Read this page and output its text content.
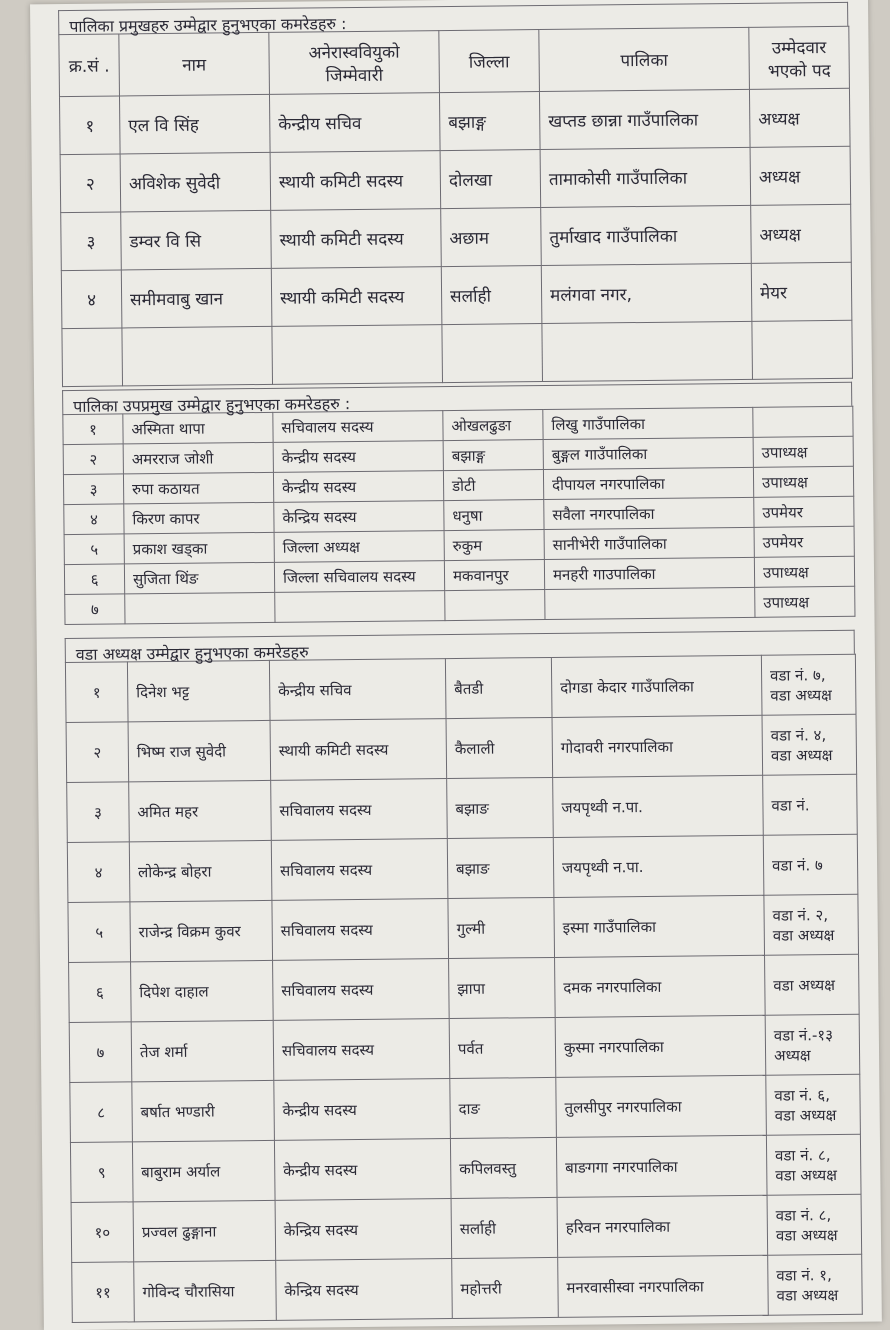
पालिका प्रमुखहरु उम्मेद्वार हुनुभएका कमरेडहरु :
क्र.सं .	नाम	अनेरास्ववियुको जिम्मेवारी	जिल्ला	पालिका	उम्मेदवार भएको पद
१	एल वि सिंह	केन्द्रीय सचिव	बझाङ्ग	खप्तड छान्ना गाउँपालिका	अध्यक्ष
२	अविशेक सुवेदी	स्थायी कमिटी सदस्य	दोलखा	तामाकोसी गाउँपालिका	अध्यक्ष
३	डम्वर वि सि	स्थायी कमिटी सदस्य	अछाम	तुर्माखाद गाउँपालिका	अध्यक्ष
४	समीमवाबु खान	स्थायी कमिटी सदस्य	सर्लाही	मलंगवा नगर,	मेयर

पालिका उपप्रमुख उम्मेद्वार हुनुभएका कमरेडहरु :
१	अस्मिता थापा	सचिवालय सदस्य	ओखलढुङा	लिखु गाउँपालिका	
२	अमरराज जोशी	केन्द्रीय सदस्य	बझाङ्ग	बुङ्गल गाउँपालिका	उपाध्यक्ष
३	रुपा कठायत	केन्द्रीय सदस्य	डोटी	दीपायल नगरपालिका	उपाध्यक्ष
४	किरण कापर	केन्द्रिय सदस्य	धनुषा	सवैला नगरपालिका	उपमेयर
५	प्रकाश खड्का	जिल्ला अध्यक्ष	रुकुम	सानीभेरी गाउँपालिका	उपमेयर
६	सुजिता थिंङ	जिल्ला सचिवालय सदस्य	मकवानपुर	मनहरी गाउपालिका	उपाध्यक्ष
७					उपाध्यक्ष
वडा अध्यक्ष उम्मेद्वार हुनुभएका कमरेडहरु
१	दिनेश भट्ट	केन्द्रीय सचिव	बैतडी	दोगडा केदार गाउँपालिका	वडा नं. ७, वडा अध्यक्ष
२	भिष्म राज सुवेदी	स्थायी कमिटी सदस्य	कैलाली	गोदावरी नगरपालिका	वडा नं. ४, वडा अध्यक्ष
३	अमित महर	सचिवालय सदस्य	बझाङ	जयपृथ्वी न.पा.	वडा नं.
४	लोकेन्द्र बोहरा	सचिवालय सदस्य	बझाङ	जयपृथ्वी न.पा.	वडा नं. ७
५	राजेन्द्र विक्रम कुवर	सचिवालय सदस्य	गुल्मी	इस्मा गाउँपालिका	वडा नं. २, वडा अध्यक्ष
६	दिपेश दाहाल	सचिवालय सदस्य	झापा	दमक नगरपालिका	वडा अध्यक्ष
७	तेज शर्मा	सचिवालय सदस्य	पर्वत	कुस्मा नगरपालिका	वडा नं.-१३ अध्यक्ष
८	बर्षात भण्डारी	केन्द्रीय सदस्य	दाङ	तुलसीपुर नगरपालिका	वडा नं. ६, वडा अध्यक्ष
९	बाबुराम अर्याल	केन्द्रीय सदस्य	कपिलवस्तु	बाङगगा नगरपालिका	वडा नं. ८, वडा अध्यक्ष
१०	प्रज्वल ढुङ्गाना	केन्द्रिय सदस्य	सर्लाही	हरिवन नगरपालिका	वडा नं. ८, वडा अध्यक्ष
११	गोविन्द चौरासिया	केन्द्रिय सदस्य	महोत्तरी	मनरवासीस्वा नगरपालिका	वडा नं. १, वडा अध्यक्ष
